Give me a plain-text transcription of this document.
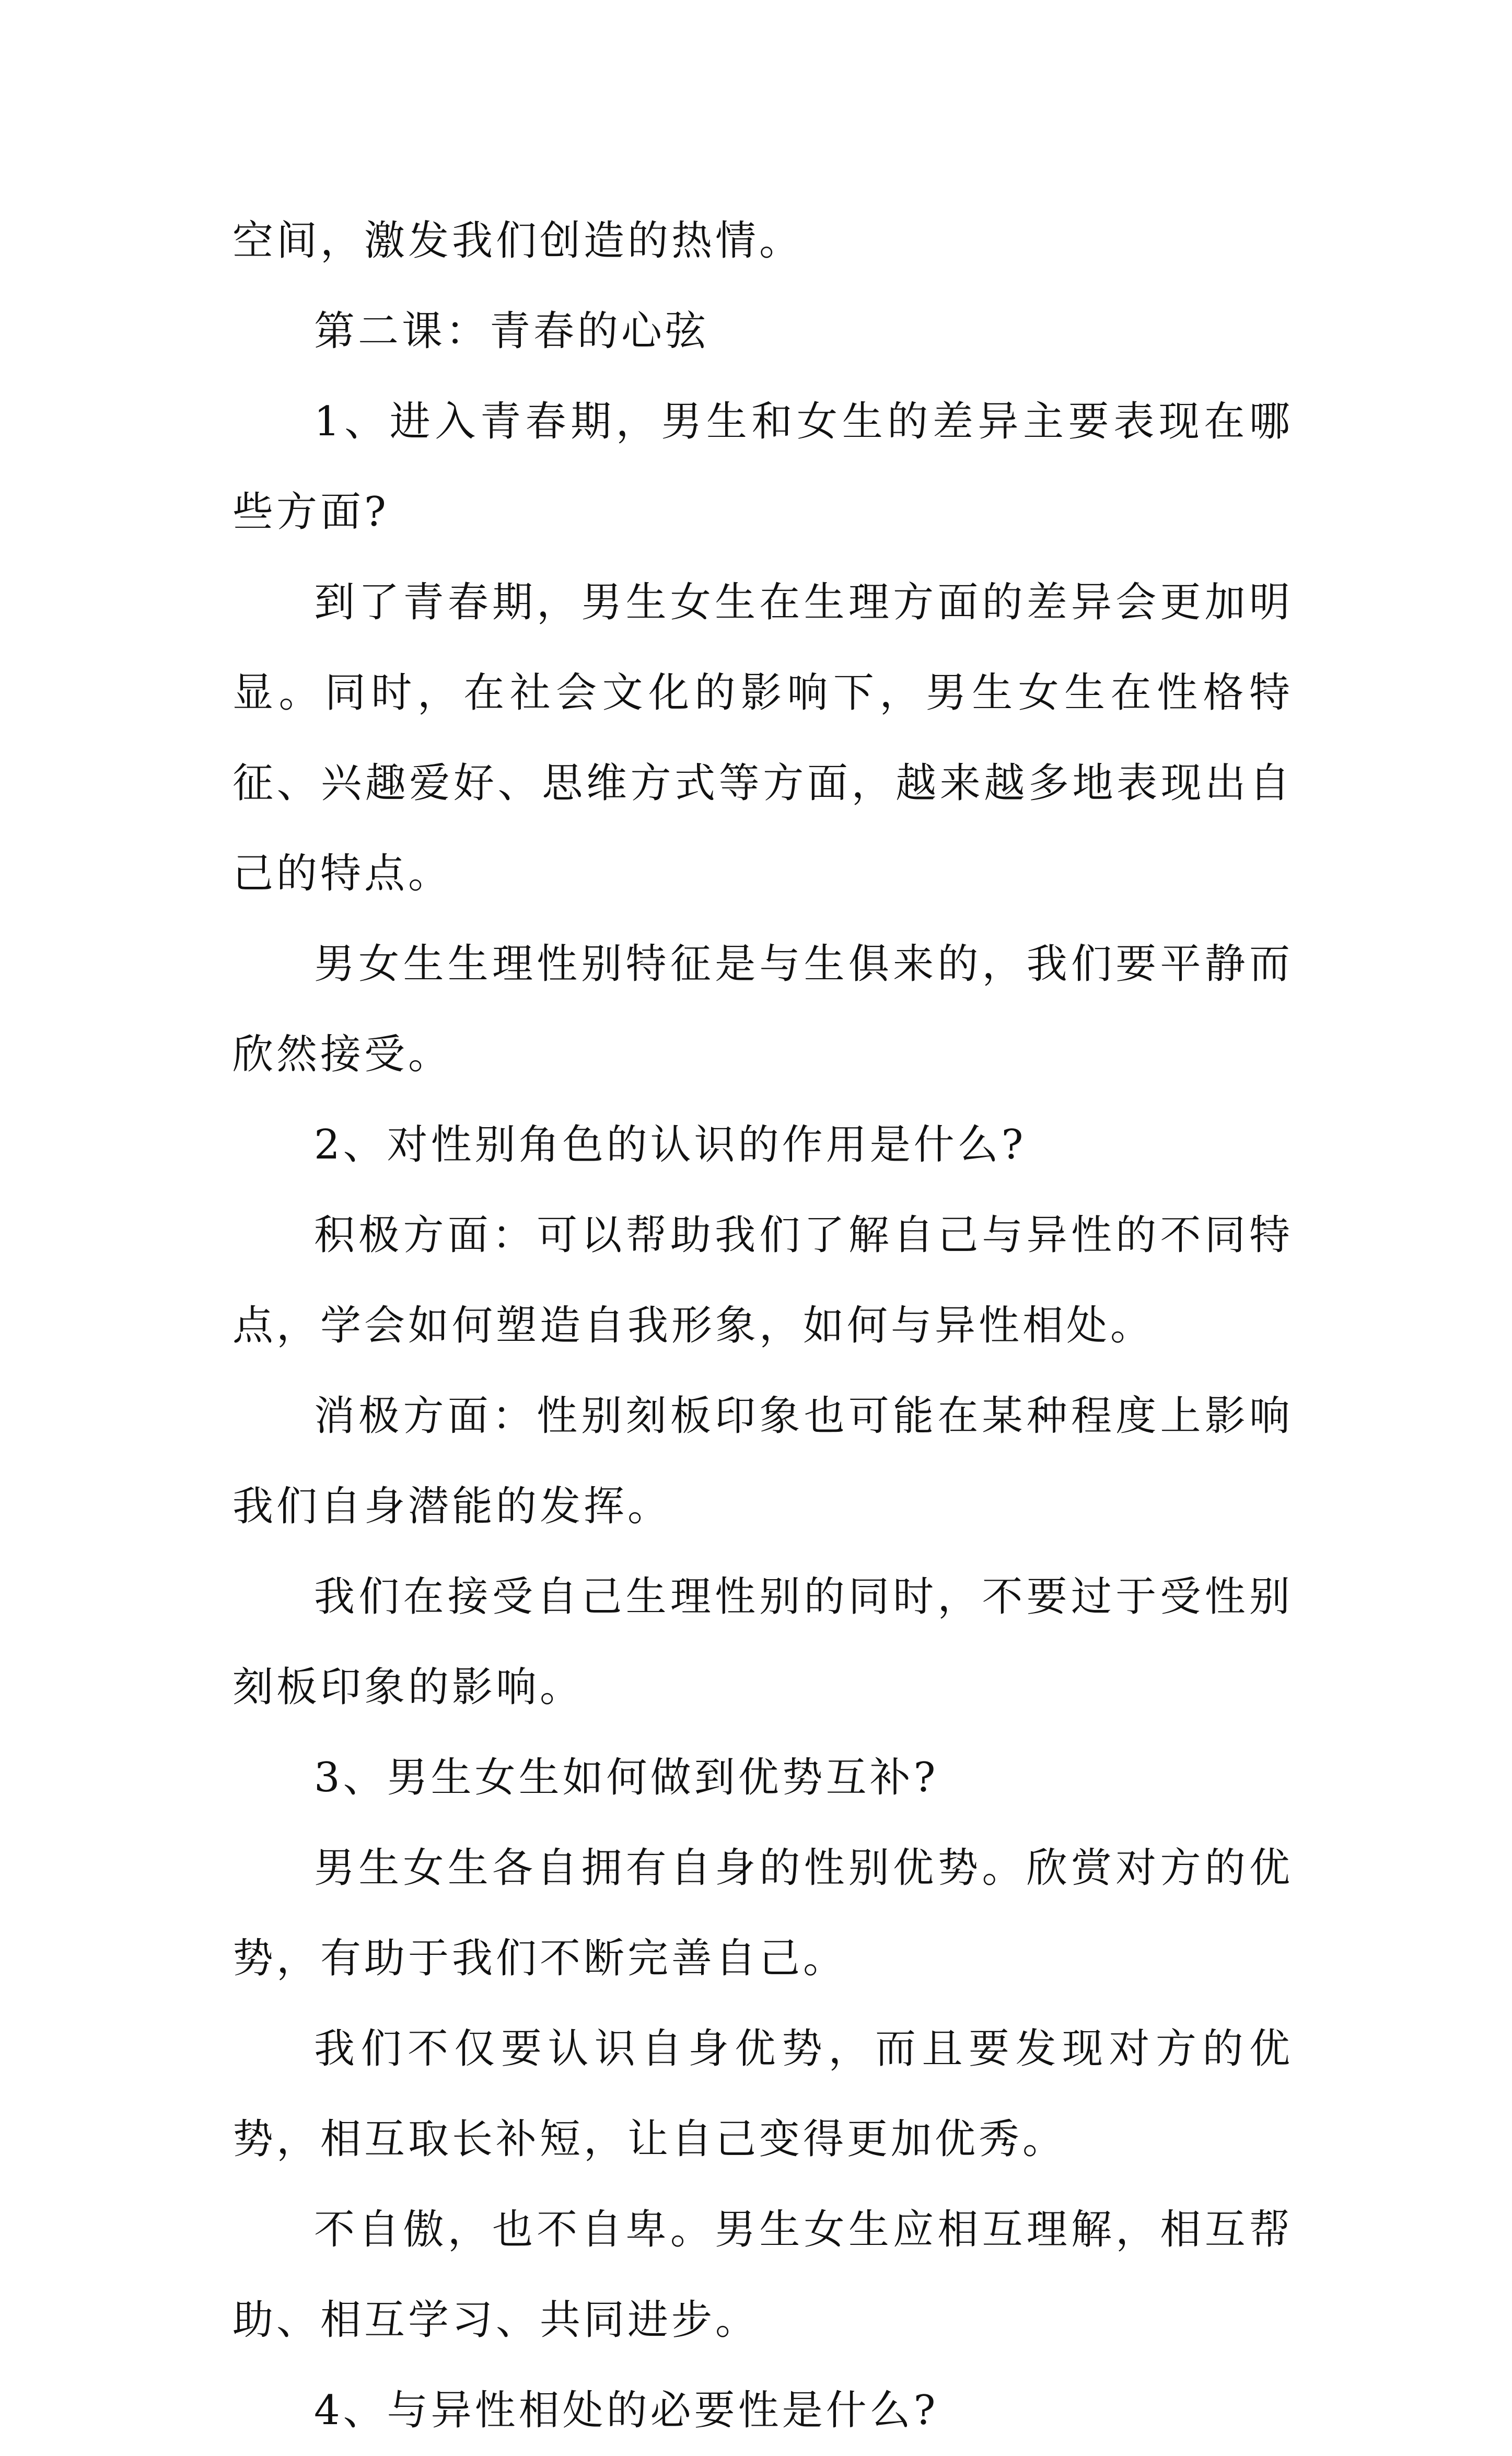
空间，激发我们创造的热情。

第二课：青春的心弦

1、进入青春期，男生和女生的差异主要表现在哪些方面?

到了青春期，男生女生在生理方面的差异会更加明显。同时，在社会文化的影响下，男生女生在性格特征、兴趣爱好、思维方式等方面，越来越多地表现出自己的特点。

男女生生理性别特征是与生俱来的，我们要平静而欣然接受。

2、对性别角色的认识的作用是什么?

积极方面：可以帮助我们了解自己与异性的不同特点，学会如何塑造自我形象，如何与异性相处。

消极方面：性别刻板印象也可能在某种程度上影响我们自身潜能的发挥。

我们在接受自己生理性别的同时，不要过于受性别刻板印象的影响。

3、男生女生如何做到优势互补?

男生女生各自拥有自身的性别优势。欣赏对方的优势，有助于我们不断完善自己。

我们不仅要认识自身优势，而且要发现对方的优势，相互取长补短，让自己变得更加优秀。

不自傲，也不自卑。男生女生应相互理解，相互帮助、相互学习、共同进步。

4、与异性相处的必要性是什么?
